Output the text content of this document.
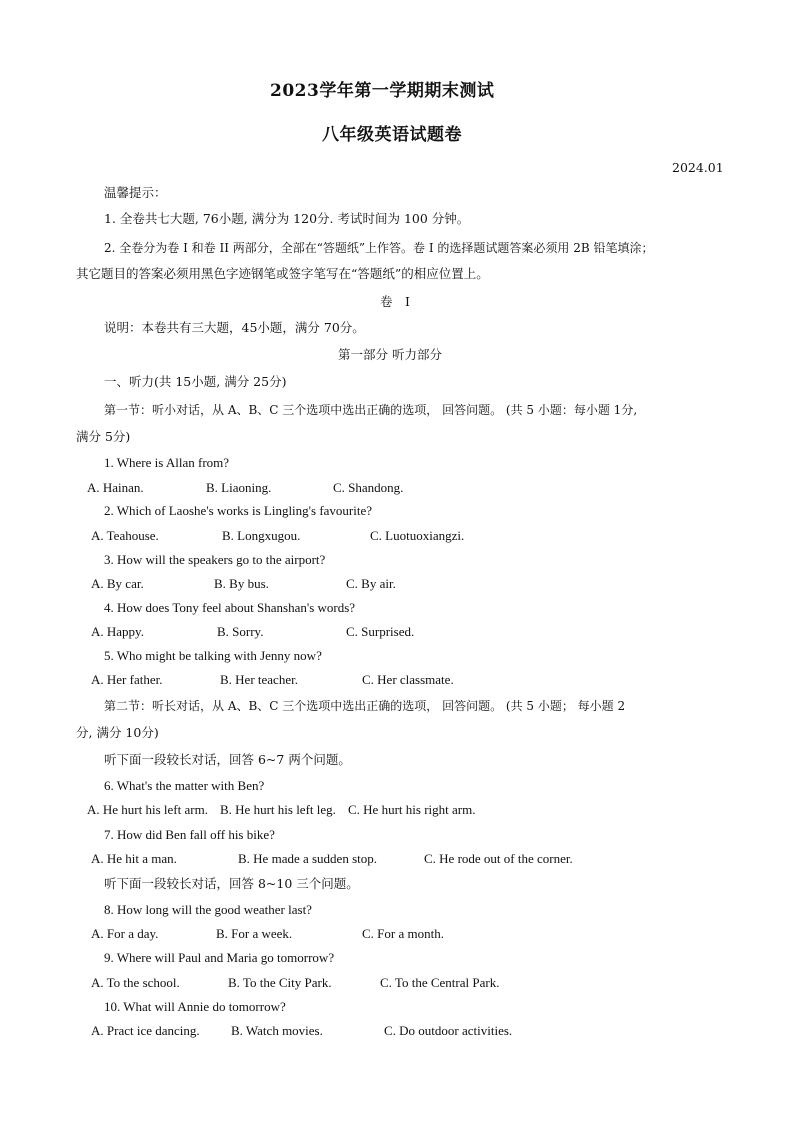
2023学年第一学期期末测试
八年级英语试题卷
2024.01
温馨提示：
1. 全卷共七大题, 76小题, 满分为 120分. 考试时间为 100 分钟。
2. 全卷分为卷 I 和卷 II 两部分，全部在“答题纸”上作答。卷 I 的选择题试题答案必须用 2B 铅笔填涂；
其它题目的答案必须用黑色字迹钢笔或签字笔写在“答题纸”的相应位置上。
卷　I
说明：本卷共有三大题，45小题，满分 70分。
第一部分 听力部分
一、听力(共 15小题, 满分 25分)
第一节：听小对话，从 A、B、C 三个选项中选出正确的选项， 回答问题。 (共 5 小题：每小题 1分,
满分 5分)
1. Where is Allan from?
A. Hainan.	B. Liaoning.	C. Shandong.
2. Which of Laoshe's works is Lingling's favourite?
A. Teahouse.	B. Longxugou.	C. Luotuoxiangzi.
3. How will the speakers go to the airport?
A. By car.	B. By bus.	C. By air.
4. How does Tony feel about Shanshan's words?
A. Happy.	B. Sorry.	C. Surprised.
5. Who might be talking with Jenny now?
A. Her father.	B. Her teacher.	C. Her classmate.
第二节：听长对话，从 A、B、C 三个选项中选出正确的选项， 回答问题。 (共 5 小题； 每小题 2
分, 满分 10分)
听下面一段较长对话，回答 6~7 两个问题。
6. What's the matter with Ben?
A. He hurt his left arm. B. He hurt his left leg. C. He hurt his right arm.
7. How did Ben fall off his bike?
A. He hit a man.	B. He made a sudden stop.	C. He rode out of the corner.
听下面一段较长对话，回答 8~10 三个问题。
8. How long will the good weather last?
A. For a day.	B. For a week.	C. For a month.
9. Where will Paul and Maria go tomorrow?
A. To the school.	B. To the City Park.	C. To the Central Park.
10. What will Annie do tomorrow?
A. Pract ice dancing. B. Watch movies.	C. Do outdoor activities.
